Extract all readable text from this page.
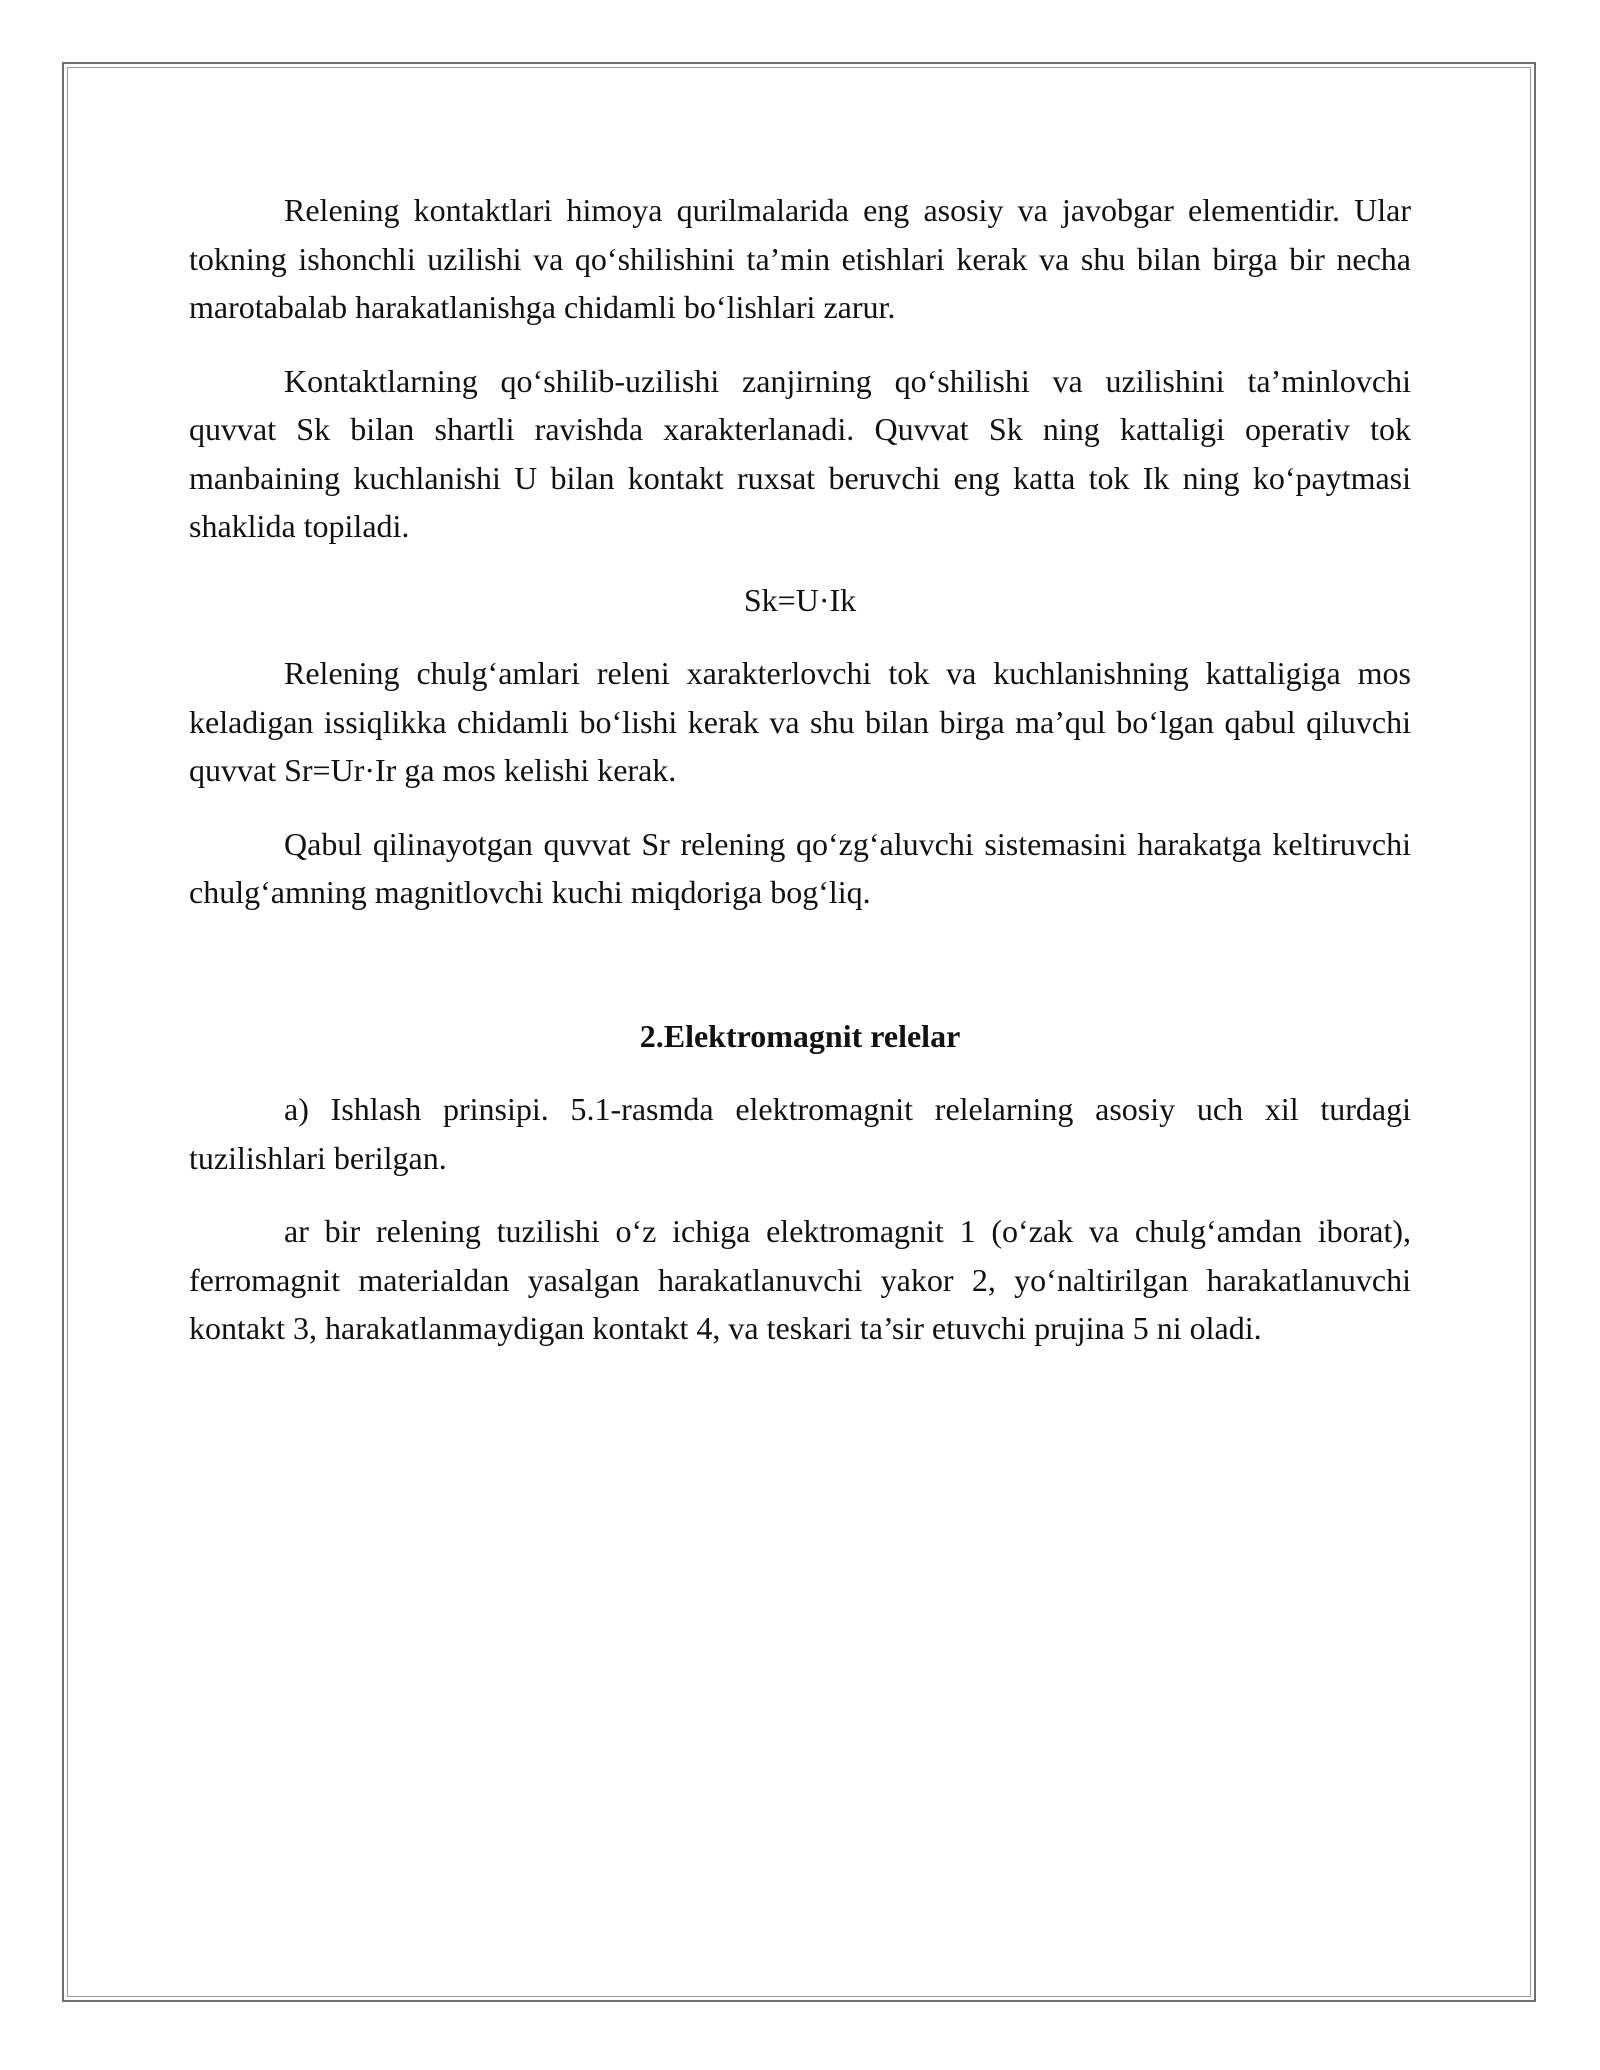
Relening kontaktlari himoya qurilmalarida eng asosiy va javobgar elementidir. Ular tokning ishonchli uzilishi va qo‘shilishini ta’min etishlari kerak va shu bilan birga bir necha marotabalab harakatlanishga chidamli bo‘lishlari zarur.

Kontaktlarning qo‘shilib-uzilishi zanjirning qo‘shilishi va uzilishini ta’minlovchi quvvat Sk bilan shartli ravishda xarakterlanadi. Quvvat Sk ning kattaligi operativ tok manbaining kuchlanishi U bilan kontakt ruxsat beruvchi eng katta tok Ik ning ko‘paytmasi shaklida topiladi.

Sk=U·Ik

Relening chulg‘amlari releni xarakterlovchi tok va kuchlanishning kattaligiga mos keladigan issiqlikka chidamli bo‘lishi kerak va shu bilan birga ma’qul bo‘lgan qabul qiluvchi quvvat Sr=Ur·Ir ga mos kelishi kerak.

Qabul qilinayotgan quvvat Sr relening qo‘zg‘aluvchi sistemasini harakatga keltiruvchi chulg‘amning magnitlovchi kuchi miqdoriga bog‘liq.

2.Elektromagnit relelar

a) Ishlash prinsipi. 5.1-rasmda elektromagnit relelarning asosiy uch xil turdagi tuzilishlari berilgan.

ar bir relening tuzilishi o‘z ichiga elektromagnit 1 (o‘zak va chulg‘amdan iborat), ferromagnit materialdan yasalgan harakatlanuvchi yakor 2, yo‘naltirilgan harakatlanuvchi kontakt 3, harakatlanmaydigan kontakt 4, va teskari ta’sir etuvchi prujina 5 ni oladi.
